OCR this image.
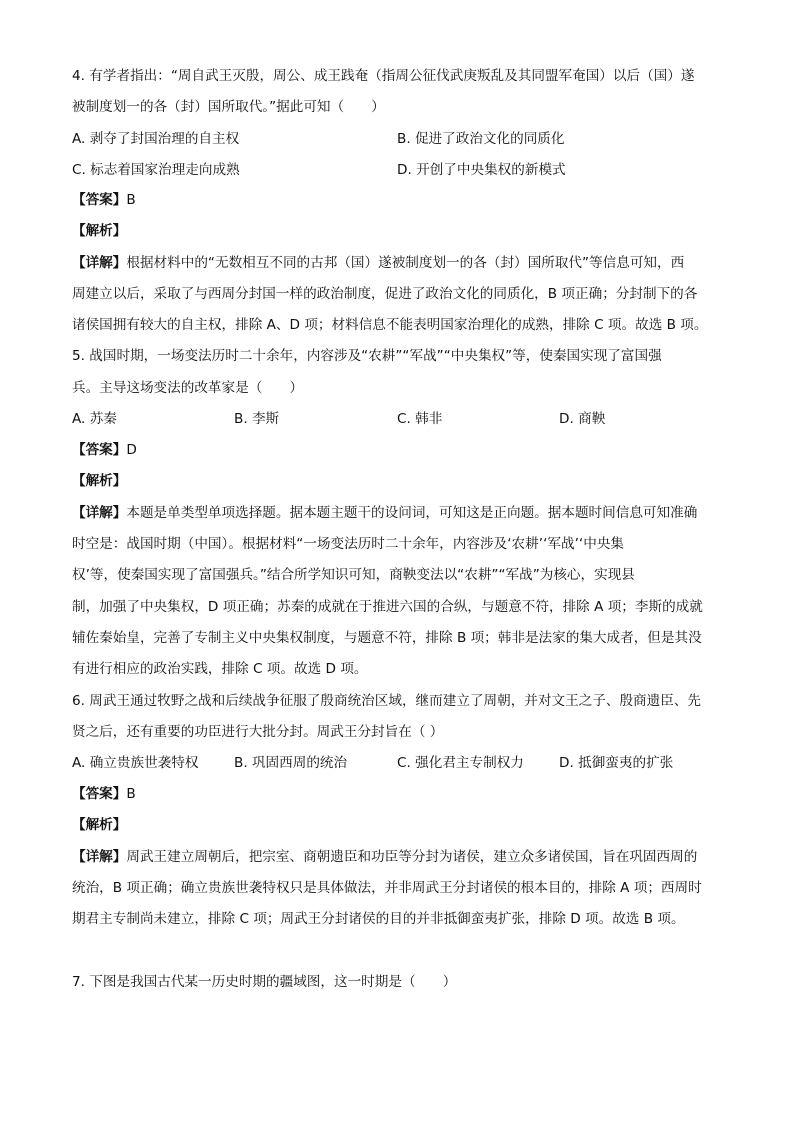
4. 有学者指出：“周自武王灭殷，周公、成王践奄（指周公征伐武庚叛乱及其同盟军奄国）以后（国）遂
被制度划一的各（封）国所取代。”据此可知（　　）
A. 剥夺了封国治理的自主权	B. 促进了政治文化的同质化
C. 标志着国家治理走向成熟	D. 开创了中央集权的新模式
【答案】B
【解析】
【详解】根据材料中的“无数相互不同的古邦（国）遂被制度划一的各（封）国所取代”等信息可知，西
周建立以后，采取了与西周分封国一样的政治制度，促进了政治文化的同质化，B 项正确；分封制下的各
诸侯国拥有较大的自主权，排除 A、D 项；材料信息不能表明国家治理化的成熟，排除 C 项。故选 B 项。
5. 战国时期，一场变法历时二十余年，内容涉及“农耕”“军战”“中央集权”等，使秦国实现了富国强
兵。主导这场变法的改革家是（　　）
A. 苏秦	B. 李斯	C. 韩非	D. 商鞅
【答案】D
【解析】
【详解】本题是单类型单项选择题。据本题主题干的设问词，可知这是正向题。据本题时间信息可知准确
时空是：战国时期（中国）。根据材料“一场变法历时二十余年，内容涉及‘农耕’‘军战’‘中央集
权’等，使秦国实现了富国强兵。”结合所学知识可知，商鞅变法以“农耕”“军战”为核心，实现县
制，加强了中央集权，D 项正确；苏秦的成就在于推进六国的合纵，与题意不符，排除 A 项；李斯的成就
辅佐秦始皇，完善了专制主义中央集权制度，与题意不符，排除 B 项；韩非是法家的集大成者，但是其没
有进行相应的政治实践，排除 C 项。故选 D 项。
6. 周武王通过牧野之战和后续战争征服了殷商统治区域，继而建立了周朝，并对文王之子、殷商遗臣、先
贤之后，还有重要的功臣进行大批分封。周武王分封旨在（ ）
A. 确立贵族世袭特权	B. 巩固西周的统治	C. 强化君主专制权力	D. 抵御蛮夷的扩张
【答案】B
【解析】
【详解】周武王建立周朝后，把宗室、商朝遗臣和功臣等分封为诸侯，建立众多诸侯国，旨在巩固西周的
统治，B 项正确；确立贵族世袭特权只是具体做法，并非周武王分封诸侯的根本目的，排除 A 项；西周时
期君主专制尚未建立，排除 C 项；周武王分封诸侯的目的并非抵御蛮夷扩张，排除 D 项。故选 B 项。
7. 下图是我国古代某一历史时期的疆域图，这一时期是（　　）
